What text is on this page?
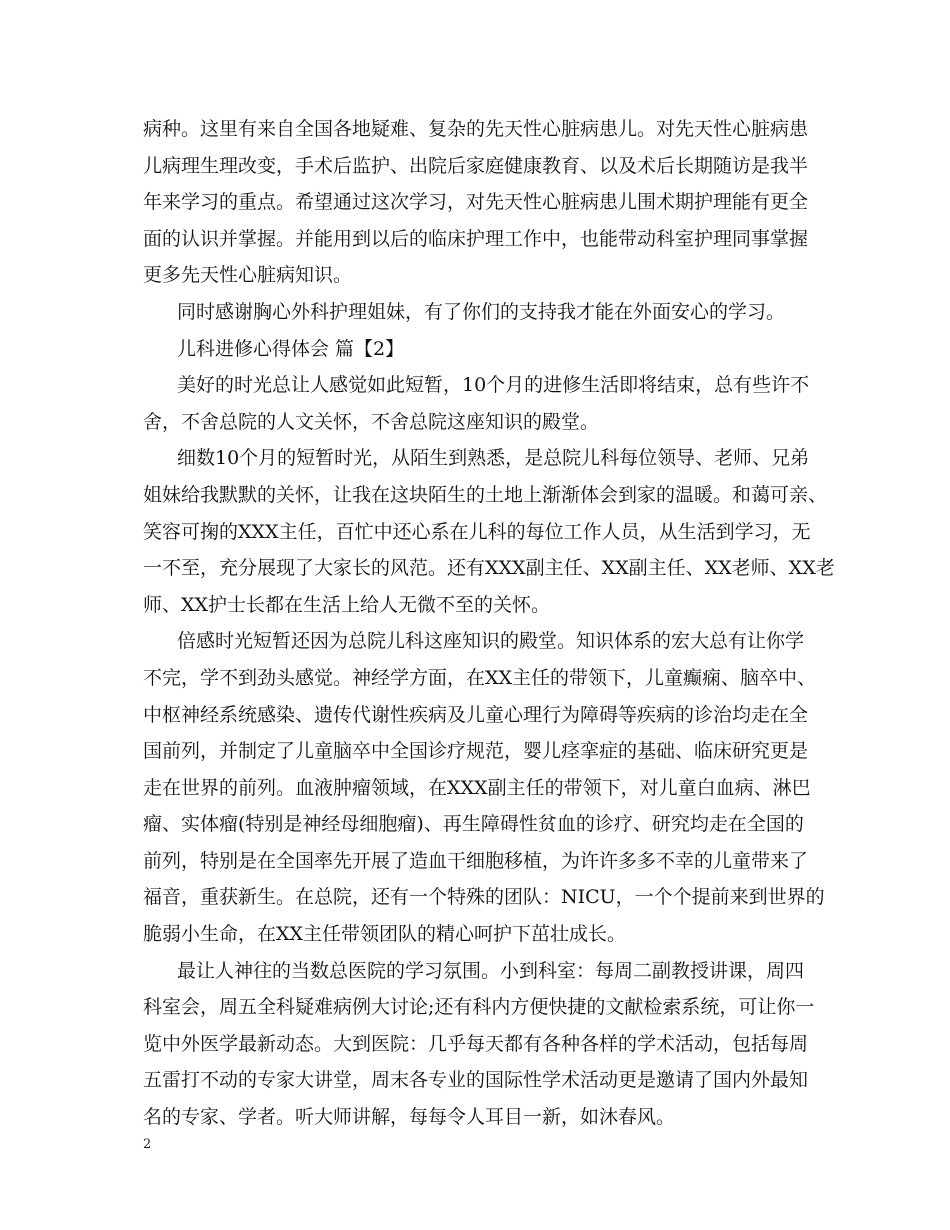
病种。这里有来自全国各地疑难、复杂的先天性心脏病患儿。对先天性心脏病患
儿病理生理改变，手术后监护、出院后家庭健康教育、以及术后长期随访是我半
年来学习的重点。希望通过这次学习，对先天性心脏病患儿围术期护理能有更全
面的认识并掌握。并能用到以后的临床护理工作中，也能带动科室护理同事掌握
更多先天性心脏病知识。
同时感谢胸心外科护理姐妹，有了你们的支持我才能在外面安心的学习。
儿科进修心得体会 篇【2】
美好的时光总让人感觉如此短暂，10个月的进修生活即将结束，总有些许不
舍，不舍总院的人文关怀，不舍总院这座知识的殿堂。
细数10个月的短暂时光，从陌生到熟悉，是总院儿科每位领导、老师、兄弟
姐妹给我默默的关怀，让我在这块陌生的土地上渐渐体会到家的温暖。和蔼可亲、
笑容可掬的XXX主任，百忙中还心系在儿科的每位工作人员，从生活到学习，无
一不至，充分展现了大家长的风范。还有XXX副主任、XX副主任、XX老师、XX老
师、XX护士长都在生活上给人无微不至的关怀。
倍感时光短暂还因为总院儿科这座知识的殿堂。知识体系的宏大总有让你学
不完，学不到劲头感觉。神经学方面，在XX主任的带领下，儿童癫痫、脑卒中、
中枢神经系统感染、遗传代谢性疾病及儿童心理行为障碍等疾病的诊治均走在全
国前列，并制定了儿童脑卒中全国诊疗规范，婴儿痉挛症的基础、临床研究更是
走在世界的前列。血液肿瘤领域，在XXX副主任的带领下，对儿童白血病、淋巴
瘤、实体瘤(特别是神经母细胞瘤)、再生障碍性贫血的诊疗、研究均走在全国的
前列，特别是在全国率先开展了造血干细胞移植，为许许多多不幸的儿童带来了
福音，重获新生。在总院，还有一个特殊的团队：NICU，一个个提前来到世界的
脆弱小生命，在XX主任带领团队的精心呵护下茁壮成长。
最让人神往的当数总医院的学习氛围。小到科室：每周二副教授讲课，周四
科室会，周五全科疑难病例大讨论;还有科内方便快捷的文献检索系统，可让你一
览中外医学最新动态。大到医院：几乎每天都有各种各样的学术活动，包括每周
五雷打不动的专家大讲堂，周末各专业的国际性学术活动更是邀请了国内外最知
名的专家、学者。听大师讲解，每每令人耳目一新，如沐春风。
2
